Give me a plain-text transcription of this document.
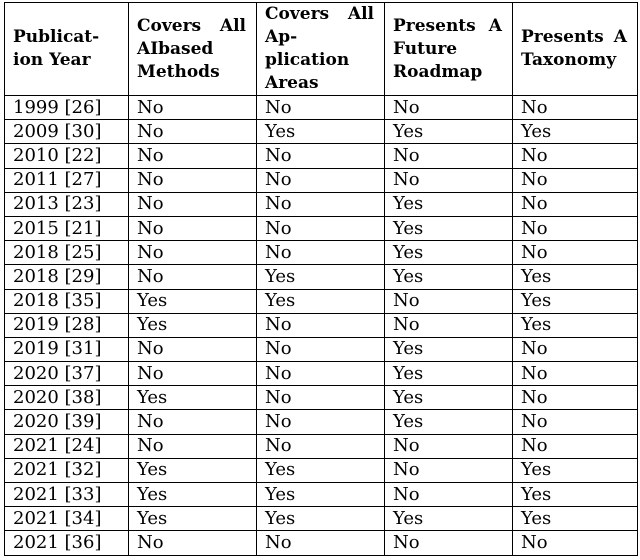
Publication Year	Covers All AIbased Methods	Covers All Application Areas	Presents A Future Roadmap	Presents A Taxonomy
1999 [26]	No	No	No	No
2009 [30]	No	Yes	Yes	Yes
2010 [22]	No	No	No	No
2011 [27]	No	No	No	No
2013 [23]	No	No	Yes	No
2015 [21]	No	No	Yes	No
2018 [25]	No	No	Yes	No
2018 [29]	No	Yes	Yes	Yes
2018 [35]	Yes	Yes	No	Yes
2019 [28]	Yes	No	No	Yes
2019 [31]	No	No	Yes	No
2020 [37]	No	No	Yes	No
2020 [38]	Yes	No	Yes	No
2020 [39]	No	No	Yes	No
2021 [24]	No	No	No	No
2021 [32]	Yes	Yes	No	Yes
2021 [33]	Yes	Yes	No	Yes
2021 [34]	Yes	Yes	Yes	Yes
2021 [36]	No	No	No	No
